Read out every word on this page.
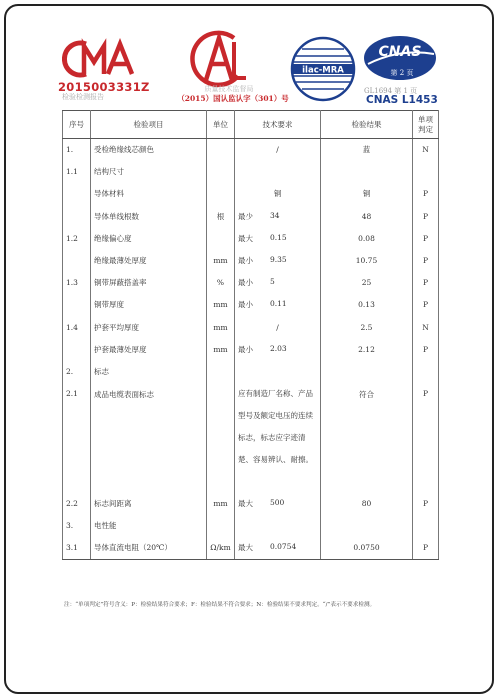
2015003331Z
检验检测报告
质量技术监督局
（2015）国认监认字（301）号
ilac-MRA
CNAS
第 2 页
GL1694 第 1 页
CNAS L1453
序号	检验项目	单位	技术要求	检验结果	单项判定
1.	受检绝缘线芯颜色		/	蓝	N
1.1	结构尺寸				
	导体材料		铜	铜	P
	导体单线根数	根	最少 34	48	P
1.2	绝缘偏心度		最大 0.15	0.08	P
	绝缘最薄处厚度	mm	最小 9.35	10.75	P
1.3	铜带屏蔽搭盖率	%	最小 5	25	P
	铜带厚度	mm	最小 0.11	0.13	P
1.4	护套平均厚度	mm	/	2.5	N
	护套最薄处厚度	mm	最小 2.03	2.12	P
2.	标志				
2.1	成品电缆表面标志		应有制造厂名称、产品型号及额定电压的连续标志，标志应字迹清楚、容易辨认、耐擦。	符合	P
2.2	标志间距离	mm	最大 500	80	P
3.	电性能				
3.1	导体直流电阻（20℃）	Ω/km	最大 0.0754	0.0750	P
注：“单项判定”符号含义：P：检验结果符合要求；F：检验结果不符合要求；N：检验结果不要求判定。“/”表示不要求检测。
